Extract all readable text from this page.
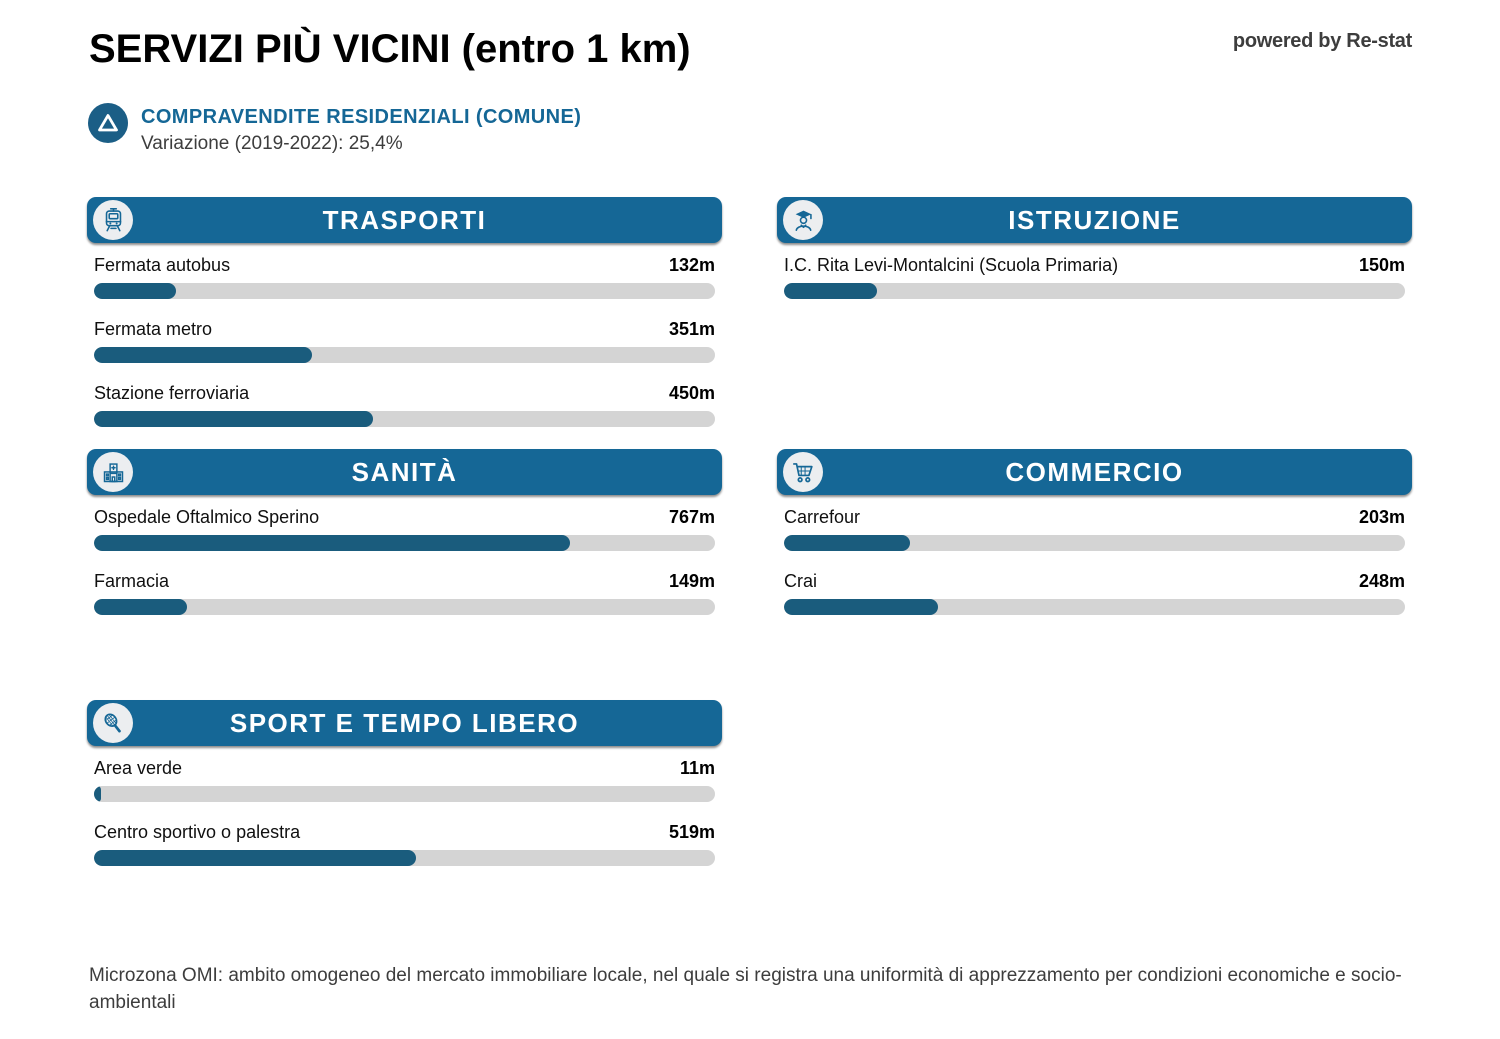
SERVIZI PIÙ VICINI (entro 1 km)	powered by Re-stat
COMPRAVENDITE RESIDENZIALI (COMUNE)
Variazione (2019-2022): 25,4%
TRASPORTI
Fermata autobus	132m
Fermata metro	351m
Stazione ferroviaria	450m
ISTRUZIONE
I.C. Rita Levi-Montalcini (Scuola Primaria)	150m
SANITÀ
Ospedale Oftalmico Sperino	767m
Farmacia	149m
COMMERCIO
Carrefour	203m
Crai	248m
SPORT E TEMPO LIBERO
Area verde	11m
Centro sportivo o palestra	519m
Microzona OMI: ambito omogeneo del mercato immobiliare locale, nel quale si registra una uniformità di apprezzamento per condizioni economiche e socio-ambientali
